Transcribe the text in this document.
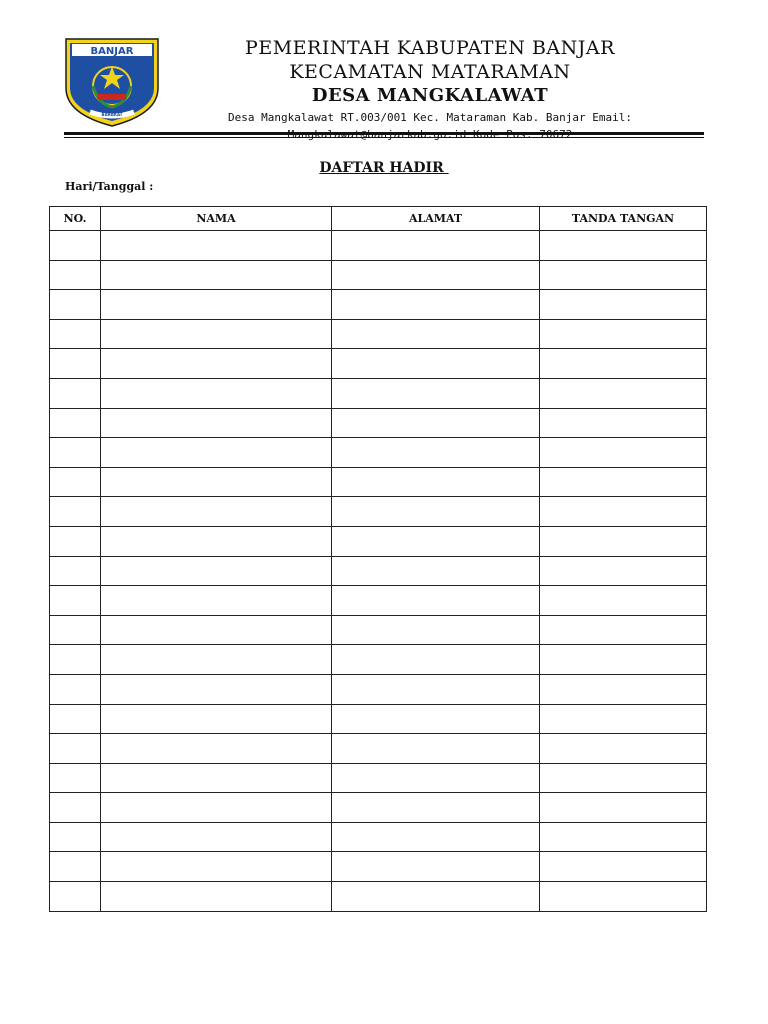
BANJAR
BARAKAT
PEMERINTAH KABUPATEN BANJAR
KECAMATAN MATARAMAN
DESA MANGKALAWAT
Desa Mangkalawat RT.003/001 Kec. Mataraman Kab. Banjar Email:
DAFTAR HADIR
Hari/Tanggal :
NO.	NAMA	ALAMAT	TANDA TANGAN
